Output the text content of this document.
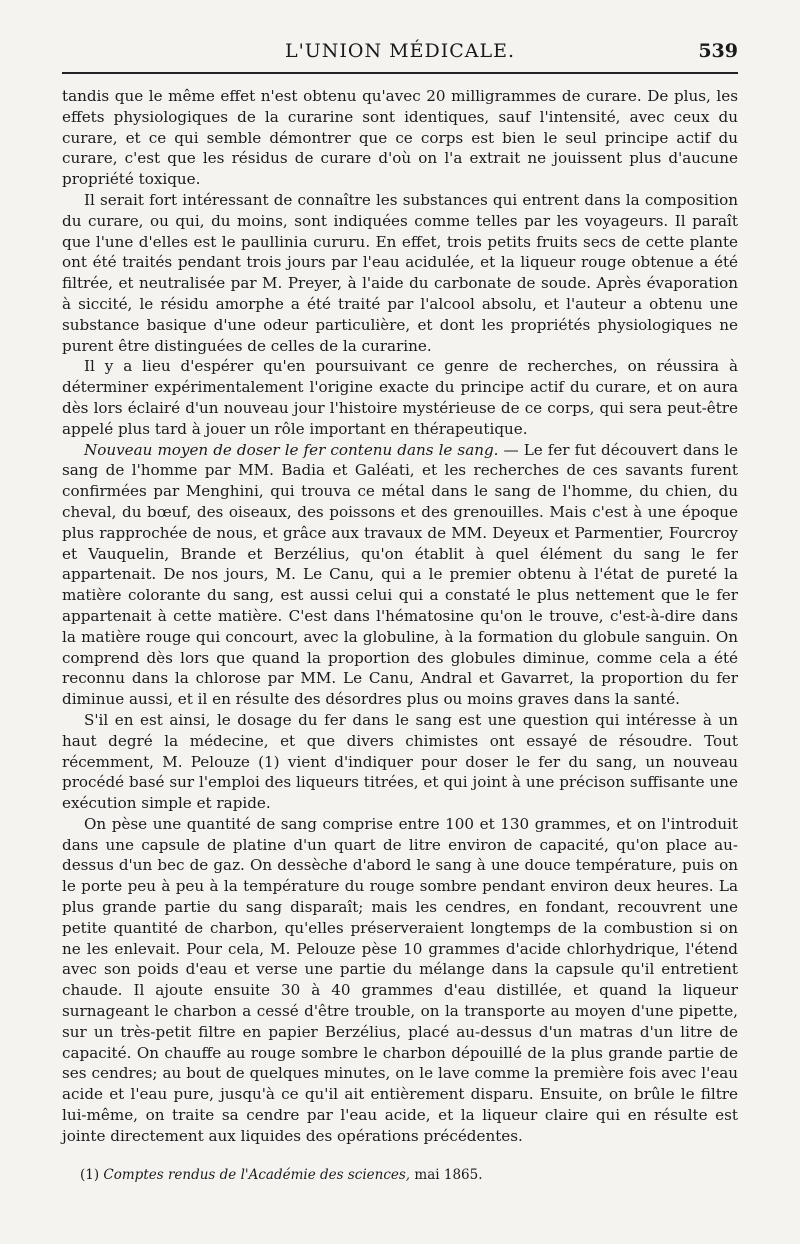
L'UNION MÉDICALE.	539

tandis que le même effet n'est obtenu qu'avec 20 milligrammes de curare. De plus, les effets physiologiques de la curarine sont identiques, sauf l'intensité, avec ceux du curare, et ce qui semble démontrer que ce corps est bien le seul principe actif du curare, c'est que les résidus de curare d'où on l'a extrait ne jouissent plus d'aucune propriété toxique.

Il serait fort intéressant de connaître les substances qui entrent dans la composition du curare, ou qui, du moins, sont indiquées comme telles par les voyageurs. Il paraît que l'une d'elles est le paullinia cururu. En effet, trois petits fruits secs de cette plante ont été traités pendant trois jours par l'eau acidulée, et la liqueur rouge obtenue a été filtrée, et neutralisée par M. Preyer, à l'aide du carbonate de soude. Après évaporation à siccité, le résidu amorphe a été traité par l'alcool absolu, et l'auteur a obtenu une substance basique d'une odeur particulière, et dont les propriétés physiologiques ne purent être distinguées de celles de la curarine.

Il y a lieu d'espérer qu'en poursuivant ce genre de recherches, on réussira à déterminer expérimentalement l'origine exacte du principe actif du curare, et on aura dès lors éclairé d'un nouveau jour l'histoire mystérieuse de ce corps, qui sera peut-être appelé plus tard à jouer un rôle important en thérapeutique.

Nouveau moyen de doser le fer contenu dans le sang. — Le fer fut découvert dans le sang de l'homme par MM. Badia et Galéati, et les recherches de ces savants furent confirmées par Menghini, qui trouva ce métal dans le sang de l'homme, du chien, du cheval, du bœuf, des oiseaux, des poissons et des grenouilles. Mais c'est à une époque plus rapprochée de nous, et grâce aux travaux de MM. Deyeux et Parmentier, Fourcroy et Vauquelin, Brande et Berzélius, qu'on établit à quel élément du sang le fer appartenait. De nos jours, M. Le Canu, qui a le premier obtenu à l'état de pureté la matière colorante du sang, est aussi celui qui a constaté le plus nettement que le fer appartenait à cette matière. C'est dans l'hématosine qu'on le trouve, c'est-à-dire dans la matière rouge qui concourt, avec la globuline, à la formation du globule sanguin. On comprend dès lors que quand la proportion des globules diminue, comme cela a été reconnu dans la chlorose par MM. Le Canu, Andral et Gavarret, la proportion du fer diminue aussi, et il en résulte des désordres plus ou moins graves dans la santé.

S'il en est ainsi, le dosage du fer dans le sang est une question qui intéresse à un haut degré la médecine, et que divers chimistes ont essayé de résoudre. Tout récemment, M. Pelouze (1) vient d'indiquer pour doser le fer du sang, un nouveau procédé basé sur l'emploi des liqueurs titrées, et qui joint à une précison suffisante une exécution simple et rapide.

On pèse une quantité de sang comprise entre 100 et 130 grammes, et on l'introduit dans une capsule de platine d'un quart de litre environ de capacité, qu'on place au-dessus d'un bec de gaz. On dessèche d'abord le sang à une douce température, puis on le porte peu à peu à la température du rouge sombre pendant environ deux heures. La plus grande partie du sang disparaît; mais les cendres, en fondant, recouvrent une petite quantité de charbon, qu'elles préserveraient longtemps de la combustion si on ne les enlevait. Pour cela, M. Pelouze pèse 10 grammes d'acide chlorhydrique, l'étend avec son poids d'eau et verse une partie du mélange dans la capsule qu'il entretient chaude. Il ajoute ensuite 30 à 40 grammes d'eau distillée, et quand la liqueur surnageant le charbon a cessé d'être trouble, on la transporte au moyen d'une pipette, sur un très-petit filtre en papier Berzélius, placé au-dessus d'un matras d'un litre de capacité. On chauffe au rouge sombre le charbon dépouillé de la plus grande partie de ses cendres; au bout de quelques minutes, on le lave comme la première fois avec l'eau acide et l'eau pure, jusqu'à ce qu'il ait entièrement disparu. Ensuite, on brûle le filtre lui-même, on traite sa cendre par l'eau acide, et la liqueur claire qui en résulte est jointe directement aux liquides des opérations précédentes.

(1) Comptes rendus de l'Académie des sciences, mai 1865.
